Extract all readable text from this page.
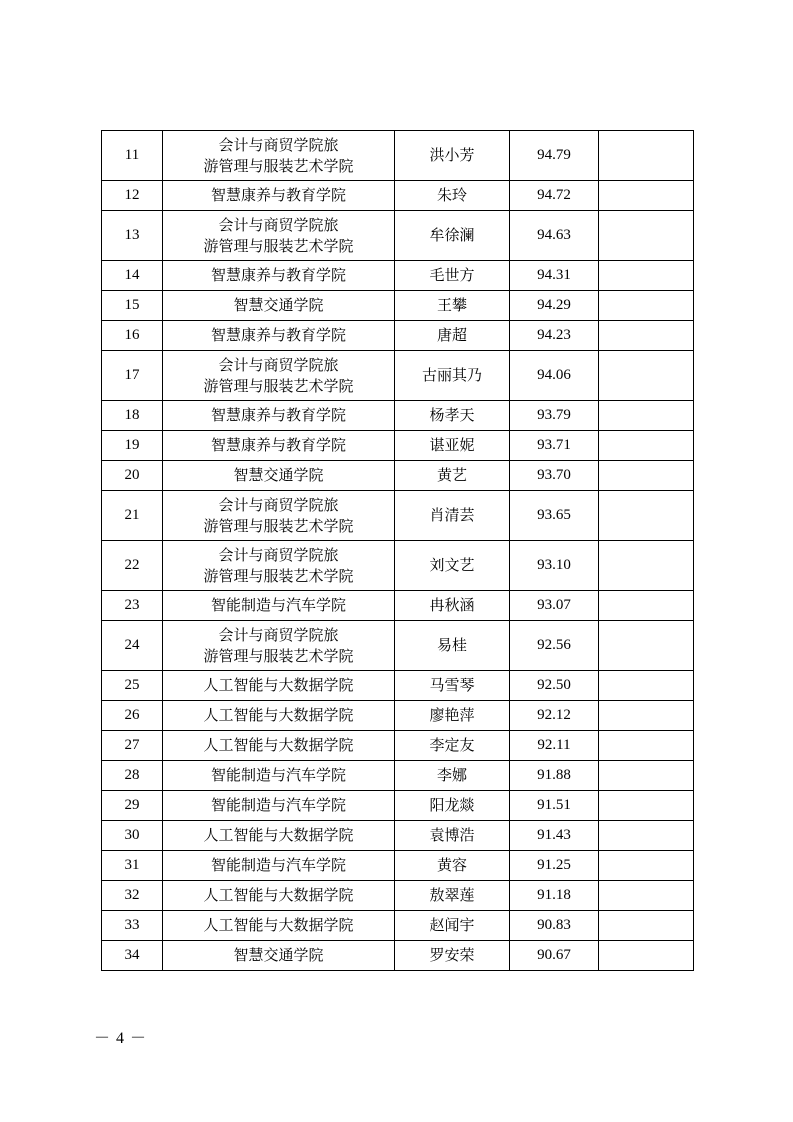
11	会计与商贸学院旅
游管理与服装艺术学院	洪小芳	94.79	
12	智慧康养与教育学院	朱玲	94.72	
13	会计与商贸学院旅
游管理与服装艺术学院	牟徐澜	94.63	
14	智慧康养与教育学院	毛世方	94.31	
15	智慧交通学院	王攀	94.29	
16	智慧康养与教育学院	唐超	94.23	
17	会计与商贸学院旅
游管理与服装艺术学院	古丽其乃	94.06	
18	智慧康养与教育学院	杨孝天	93.79	
19	智慧康养与教育学院	谌亚妮	93.71	
20	智慧交通学院	黄艺	93.70	
21	会计与商贸学院旅
游管理与服装艺术学院	肖清芸	93.65	
22	会计与商贸学院旅
游管理与服装艺术学院	刘文艺	93.10	
23	智能制造与汽车学院	冉秋涵	93.07	
24	会计与商贸学院旅
游管理与服装艺术学院	易桂	92.56	
25	人工智能与大数据学院	马雪琴	92.50	
26	人工智能与大数据学院	廖艳萍	92.12	
27	人工智能与大数据学院	李定友	92.11	
28	智能制造与汽车学院	李娜	91.88	
29	智能制造与汽车学院	阳龙燚	91.51	
30	人工智能与大数据学院	袁博浩	91.43	
31	智能制造与汽车学院	黄容	91.25	
32	人工智能与大数据学院	敖翠莲	91.18	
33	人工智能与大数据学院	赵闻宇	90.83	
34	智慧交通学院	罗安荣	90.67	
－ 4 －
